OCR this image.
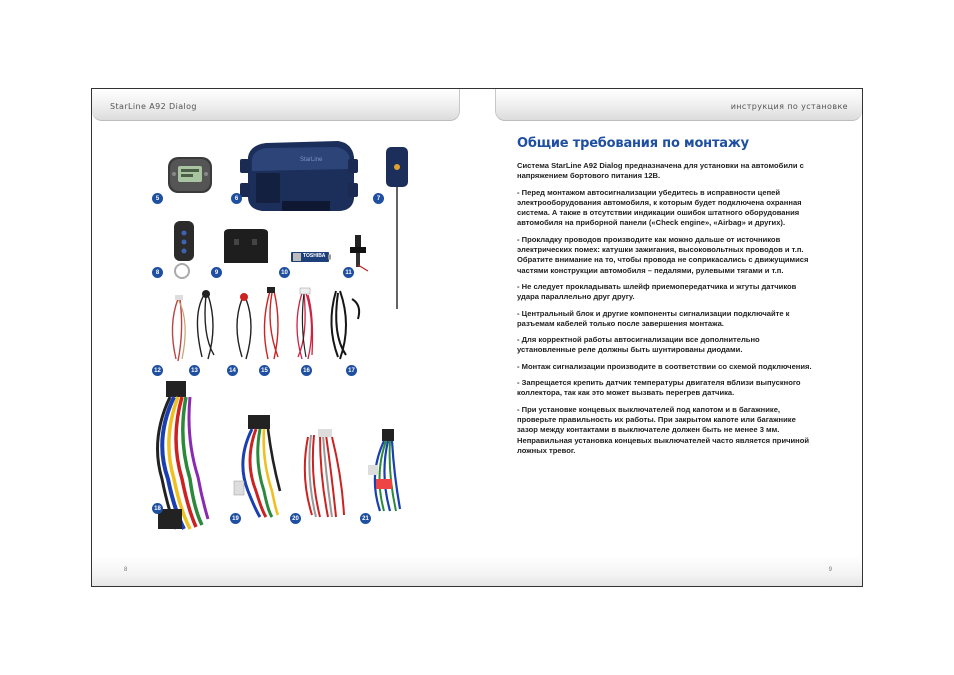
StarLine A92 Dialog
5
StarLine
6	7
8	9
TOSHIBA
10	11
12	13	14	15	16	17
18
19	20	21
8
инструкция по установке
Общие требования по монтажу

Система StarLine A92 Dialog предназначена для установки на автомобили с напряжением бортового питания 12В.

- Перед монтажом автосигнализации убедитесь в исправности цепей электрооборудования автомобиля, к которым будет подключена охранная система. А также в отсутствии индикации ошибок штатного оборудования автомобиля на приборной панели («Check engine», «Airbag» и других).

- Прокладку проводов производите как можно дальше от источников электрических помех: катушки зажигания, высоковольтных проводов и т.п. Обратите внимание на то, чтобы провода не соприкасались с движущимися частями конструкции автомобиля – педалями, рулевыми тягами и т.п.

- Не следует прокладывать шлейф приемопередатчика и жгуты датчиков удара параллельно друг другу.

- Центральный блок и другие компоненты сигнализации подключайте к разъемам кабелей только после завершения монтажа.

- Для корректной работы автосигнализации все дополнительно установленные реле должны быть шунтированы диодами.

- Монтаж сигнализации производите в соответствии со схемой подключения.

- Запрещается крепить датчик температуры двигателя вблизи выпускного коллектора, так как это может вызвать перегрев датчика.

- При установке концевых выключателей под капотом и в багажнике, проверьте правильность их работы. При закрытом капоте или багажнике зазор между контактами в выключателе должен быть не менее 3 мм. Неправильная установка концевых выключателей часто является причиной ложных тревог.

9
